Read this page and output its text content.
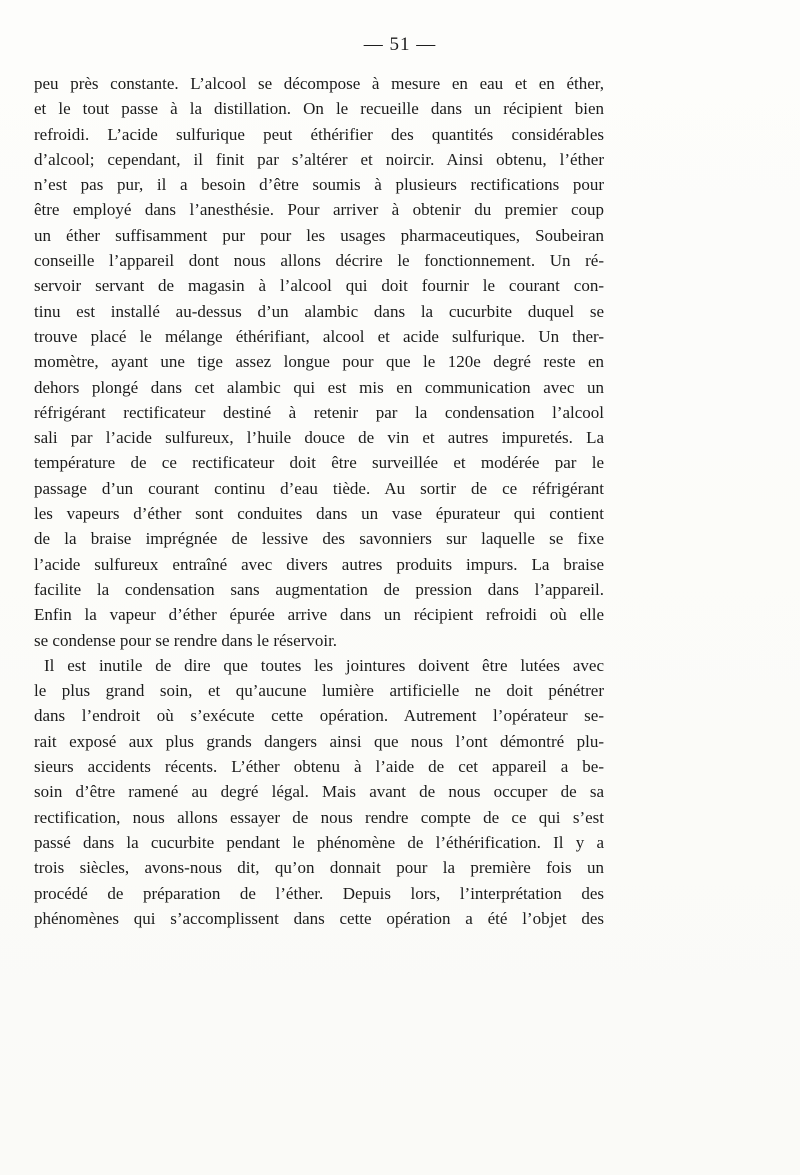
— 51 —
peu près constante. L’alcool se décompose à mesure en eau et en éther,
et le tout passe à la distillation. On le recueille dans un récipient bien
refroidi. L’acide sulfurique peut éthérifier des quantités considérables
d’alcool; cependant, il finit par s’altérer et noircir. Ainsi obtenu, l’éther
n’est pas pur, il a besoin d’être soumis à plusieurs rectifications pour
être employé dans l’anesthésie. Pour arriver à obtenir du premier coup
un éther suffisamment pur pour les usages pharmaceutiques, Soubeiran
conseille l’appareil dont nous allons décrire le fonctionnement. Un ré-
servoir servant de magasin à l’alcool qui doit fournir le courant con-
tinu est installé au-dessus d’un alambic dans la cucurbite duquel se
trouve placé le mélange éthérifiant, alcool et acide sulfurique. Un ther-
momètre, ayant une tige assez longue pour que le 120e degré reste en
dehors plongé dans cet alambic qui est mis en communication avec un
réfrigérant rectificateur destiné à retenir par la condensation l’alcool
sali par l’acide sulfureux, l’huile douce de vin et autres impuretés. La
température de ce rectificateur doit être surveillée et modérée par le
passage d’un courant continu d’eau tiède. Au sortir de ce réfrigérant
les vapeurs d’éther sont conduites dans un vase épurateur qui contient
de la braise imprégnée de lessive des savonniers sur laquelle se fixe
l’acide sulfureux entraîné avec divers autres produits impurs. La braise
facilite la condensation sans augmentation de pression dans l’appareil.
Enfin la vapeur d’éther épurée arrive dans un récipient refroidi où elle
se condense pour se rendre dans le réservoir.
Il est inutile de dire que toutes les jointures doivent être lutées avec
le plus grand soin, et qu’aucune lumière artificielle ne doit pénétrer
dans l’endroit où s’exécute cette opération. Autrement l’opérateur se-
rait exposé aux plus grands dangers ainsi que nous l’ont démontré plu-
sieurs accidents récents. L’éther obtenu à l’aide de cet appareil a be-
soin d’être ramené au degré légal. Mais avant de nous occuper de sa
rectification, nous allons essayer de nous rendre compte de ce qui s’est
passé dans la cucurbite pendant le phénomène de l’éthérification. Il y a
trois siècles, avons-nous dit, qu’on donnait pour la première fois un
procédé de préparation de l’éther. Depuis lors, l’interprétation des
phénomènes qui s’accomplissent dans cette opération a été l’objet des
